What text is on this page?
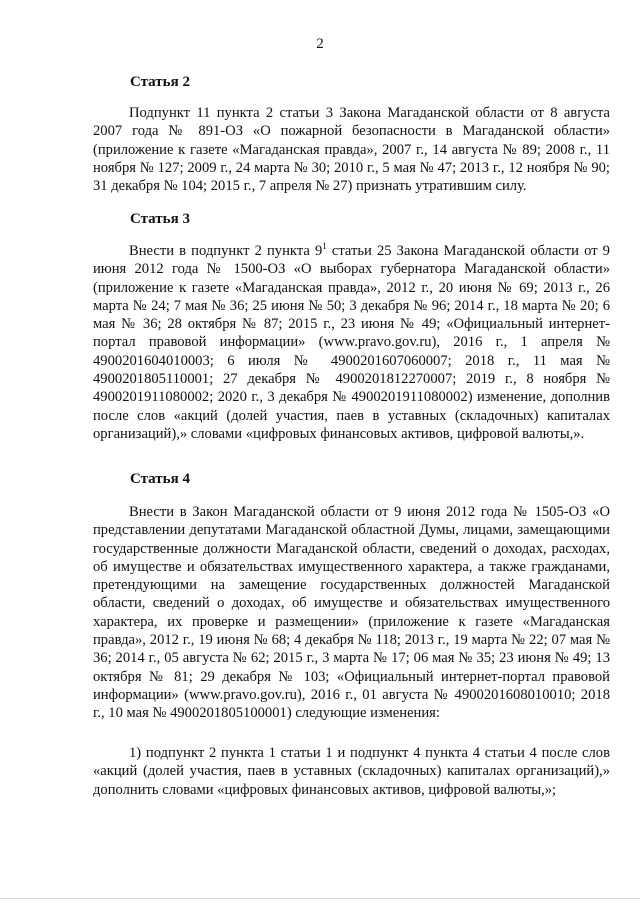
2
Статья 2
Подпункт 11 пункта 2 статьи 3 Закона Магаданской области от 8 августа 2007 года № 891-ОЗ «О пожарной безопасности в Магаданской области» (приложение к газете «Магаданская правда», 2007 г., 14 августа № 89; 2008 г., 11 ноября № 127; 2009 г., 24 марта № 30; 2010 г., 5 мая № 47; 2013 г., 12 ноября № 90; 31 декабря № 104; 2015 г., 7 апреля № 27) признать утратившим силу.
Статья 3
Внести в подпункт 2 пункта $9^1$ статьи 25 Закона Магаданской области от 9 июня 2012 года № 1500-ОЗ «О выборах губернатора Магаданской области» (приложение к газете «Магаданская правда», 2012 г., 20 июня № 69; 2013 г., 26 марта № 24; 7 мая № 36; 25 июня № 50; 3 декабря № 96; 2014 г., 18 марта № 20; 6 мая № 36; 28 октября № 87; 2015 г., 23 июня № 49; «Официальный интернет-портал правовой информации» (www.pravo.gov.ru), 2016 г., 1 апреля № 4900201604010003; 6 июля № 4900201607060007; 2018 г., 11 мая № 4900201805110001; 27 декабря № 4900201812270007; 2019 г., 8 ноября № 4900201911080002; 2020 г., 3 декабря № 4900201911080002) изменение, дополнив после слов «акций (долей участия, паев в уставных (складочных) капиталах организаций),» словами «цифровых финансовых активов, цифровой валюты,».
Статья 4
Внести в Закон Магаданской области от 9 июня 2012 года № 1505-ОЗ «О представлении депутатами Магаданской областной Думы, лицами, замещающими государственные должности Магаданской области, сведений о доходах, расходах, об имуществе и обязательствах имущественного характера, а также гражданами, претендующими на замещение государственных должностей Магаданской области, сведений о доходах, об имуществе и обязательствах имущественного характера, их проверке и размещении» (приложение к газете «Магаданская правда», 2012 г., 19 июня № 68; 4 декабря № 118; 2013 г., 19 марта № 22; 07 мая № 36; 2014 г., 05 августа № 62; 2015 г., 3 марта № 17; 06 мая № 35; 23 июня № 49; 13 октября № 81; 29 декабря № 103; «Официальный интернет-портал правовой информации» (www.pravo.gov.ru), 2016 г., 01 августа № 4900201608010010; 2018 г., 10 мая № 4900201805100001) следующие изменения:
1) подпункт 2 пункта 1 статьи 1 и подпункт 4 пункта 4 статьи 4 после слов «акций (долей участия, паев в уставных (складочных) капиталах организаций),» дополнить словами «цифровых финансовых активов, цифровой валюты,»;
